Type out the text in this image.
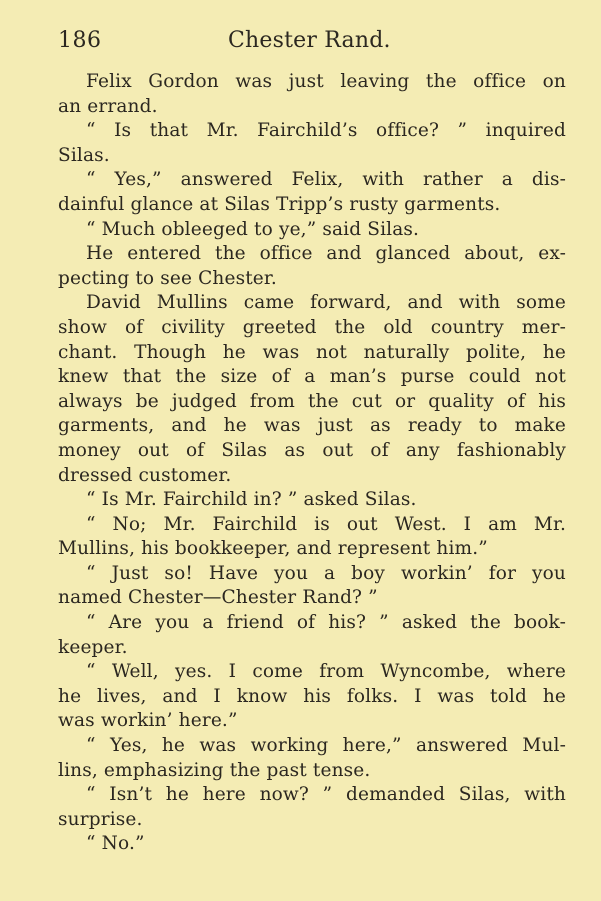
186	Chester Rand.
Felix Gordon was just leaving the office on
an errand.
“ Is that Mr. Fairchild’s office? ” inquired
Silas.
“ Yes,” answered Felix, with rather a dis-
dainful glance at Silas Tripp’s rusty garments.
“ Much obleeged to ye,” said Silas.
He entered the office and glanced about, ex-
pecting to see Chester.
David Mullins came forward, and with some
show of civility greeted the old country mer-
chant. Though he was not naturally polite, he
knew that the size of a man’s purse could not
always be judged from the cut or quality of his
garments, and he was just as ready to make
money out of Silas as out of any fashionably
dressed customer.
“ Is Mr. Fairchild in? ” asked Silas.
“ No; Mr. Fairchild is out West. I am Mr.
Mullins, his bookkeeper, and represent him.”
“ Just so! Have you a boy workin’ for you
named Chester—Chester Rand? ”
“ Are you a friend of his? ” asked the book-
keeper.
“ Well, yes. I come from Wyncombe, where
he lives, and I know his folks. I was told he
was workin’ here.”
“ Yes, he was working here,” answered Mul-
lins, emphasizing the past tense.
“ Isn’t he here now? ” demanded Silas, with
surprise.
“ No.”
